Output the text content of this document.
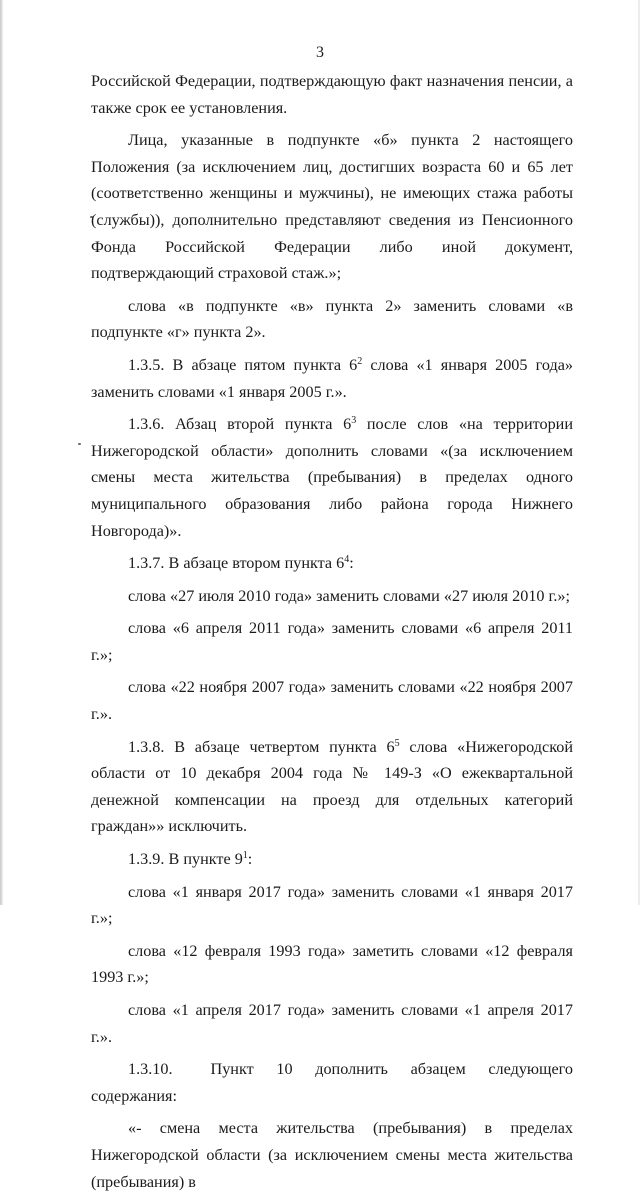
3

Российской Федерации, подтверждающую факт назначения пенсии, а также срок ее установления.

Лица, указанные в подпункте «б» пункта 2 настоящего Положения (за исключением лиц, достигших возраста 60 и 65 лет (соответственно женщины и мужчины), не имеющих стажа работы (службы)), дополнительно представляют сведения из Пенсионного Фонда Российской Федерации либо иной документ, подтверждающий страховой стаж.»;

слова «в подпункте «в» пункта 2» заменить словами «в подпункте «г» пункта 2».

1.3.5. В абзаце пятом пункта $6^2$ слова «1 января 2005 года» заменить словами «1 января 2005 г.».

1.3.6. Абзац второй пункта $6^3$ после слов «на территории Нижегородской области» дополнить словами «(за исключением смены места жительства (пребывания) в пределах одного муниципального образования либо района города Нижнего Новгорода)».

1.3.7. В абзаце втором пункта $6^4$:

слова «27 июля 2010 года» заменить словами «27 июля 2010 г.»;

слова «6 апреля 2011 года» заменить словами «6 апреля 2011 г.»;

слова «22 ноября 2007 года» заменить словами «22 ноября 2007 г.».

1.3.8. В абзаце четвертом пункта $6^5$ слова «Нижегородской области от 10 декабря 2004 года № 149-З «О ежеквартальной денежной компенсации на проезд для отдельных категорий граждан»» исключить.

1.3.9. В пункте $9^1$:

слова «1 января 2017 года» заменить словами «1 января 2017 г.»;

слова «12 февраля 1993 года» заметить словами «12 февраля 1993 г.»;

слова «1 апреля 2017 года» заменить словами «1 апреля 2017 г.».

1.3.10. Пункт 10 дополнить абзацем следующего содержания:

«- смена места жительства (пребывания) в пределах Нижегородской области (за исключением смены места жительства (пребывания) в
